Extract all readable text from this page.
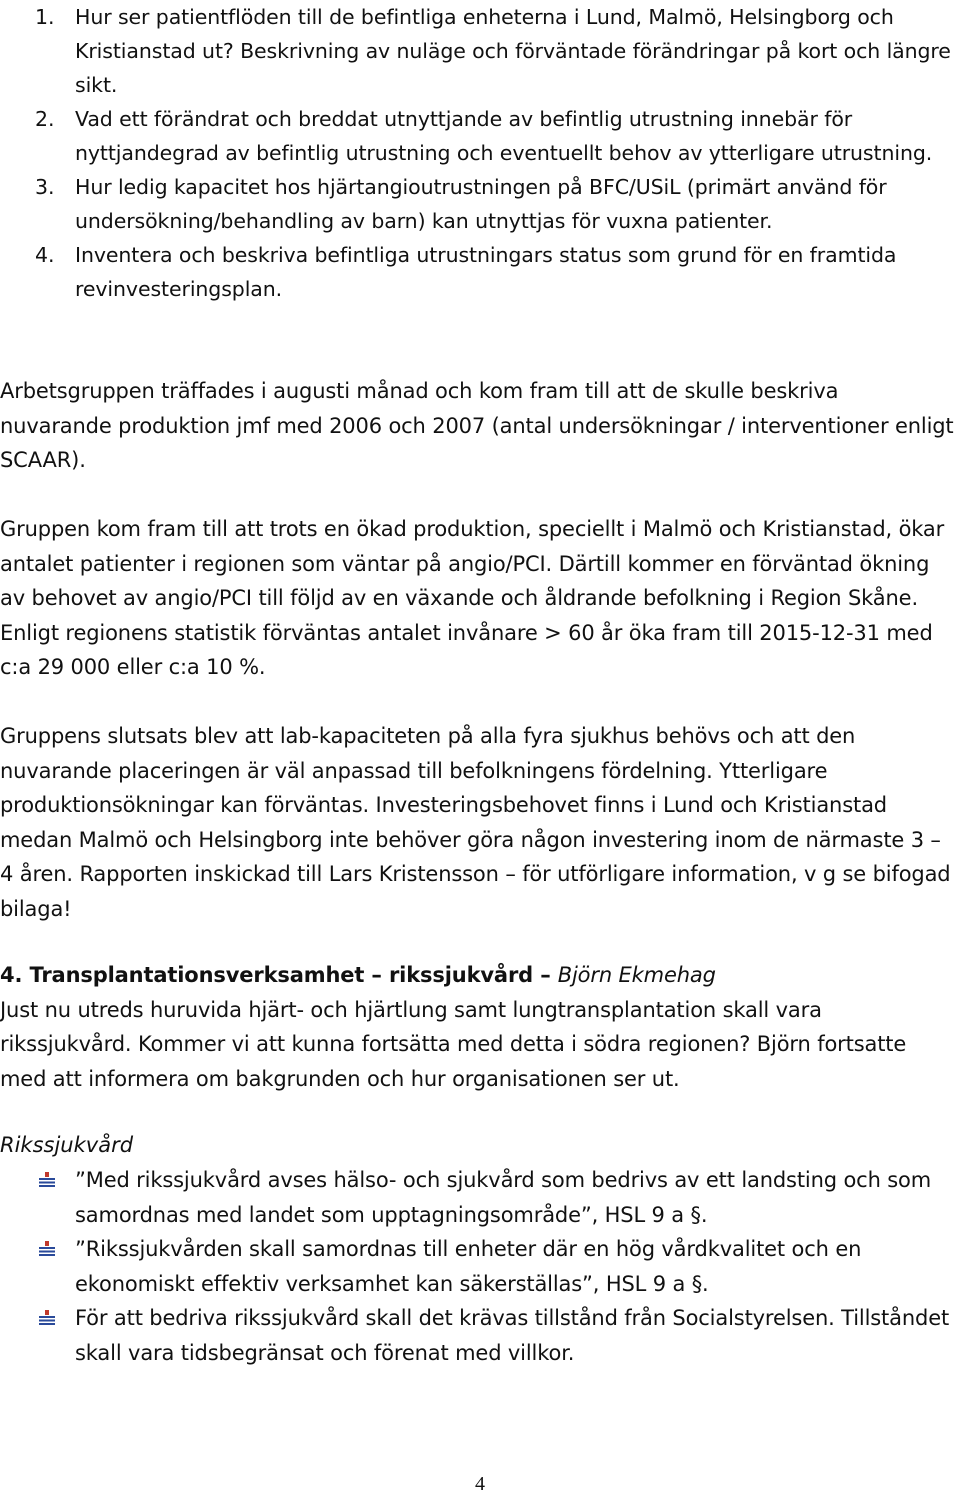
1. Hur ser patientflöden till de befintliga enheterna i Lund, Malmö, Helsingborg och Kristianstad ut? Beskrivning av nuläge och förväntade förändringar på kort och längre sikt.
2. Vad ett förändrat och breddat utnyttjande av befintlig utrustning innebär för nyttjandegrad av befintlig utrustning och eventuellt behov av ytterligare utrustning.
3. Hur ledig kapacitet hos hjärtangioutrustningen på BFC/USiL (primärt använd för undersökning/behandling av barn) kan utnyttjas för vuxna patienter.
4. Inventera och beskriva befintliga utrustningars status som grund för en framtida revinvesteringsplan.

Arbetsgruppen träffades i augusti månad och kom fram till att de skulle beskriva nuvarande produktion jmf med 2006 och 2007 (antal undersökningar / interventioner enligt SCAAR).

Gruppen kom fram till att trots en ökad produktion, speciellt i Malmö och Kristianstad, ökar antalet patienter i regionen som väntar på angio/PCI. Därtill kommer en förväntad ökning av behovet av angio/PCI till följd av en växande och åldrande befolkning i Region Skåne. Enligt regionens statistik förväntas antalet invånare > 60 år öka fram till 2015-12-31 med c:a 29 000 eller c:a 10 %.

Gruppens slutsats blev att lab-kapaciteten på alla fyra sjukhus behövs och att den nuvarande placeringen är väl anpassad till befolkningens fördelning. Ytterligare produktionsökningar kan förväntas. Investeringsbehovet finns i Lund och Kristianstad medan Malmö och Helsingborg inte behöver göra någon investering inom de närmaste 3 – 4 åren. Rapporten inskickad till Lars Kristensson – för utförligare information, v g se bifogad bilaga!

4. Transplantationsverksamhet – rikssjukvård – Björn Ekmehag
Just nu utreds huruvida hjärt- och hjärtlung samt lungtransplantation skall vara rikssjukvård. Kommer vi att kunna fortsätta med detta i södra regionen? Björn fortsatte med att informera om bakgrunden och hur organisationen ser ut.
Rikssjukvård
”Med rikssjukvård avses hälso- och sjukvård som bedrivs av ett landsting och som samordnas med landet som upptagningsområde”, HSL 9 a §.
”Rikssjukvården skall samordnas till enheter där en hög vårdkvalitet och en ekonomiskt effektiv verksamhet kan säkerställas”, HSL 9 a §.
För att bedriva rikssjukvård skall det krävas tillstånd från Socialstyrelsen. Tillståndet skall vara tidsbegränsat och förenat med villkor.
4
